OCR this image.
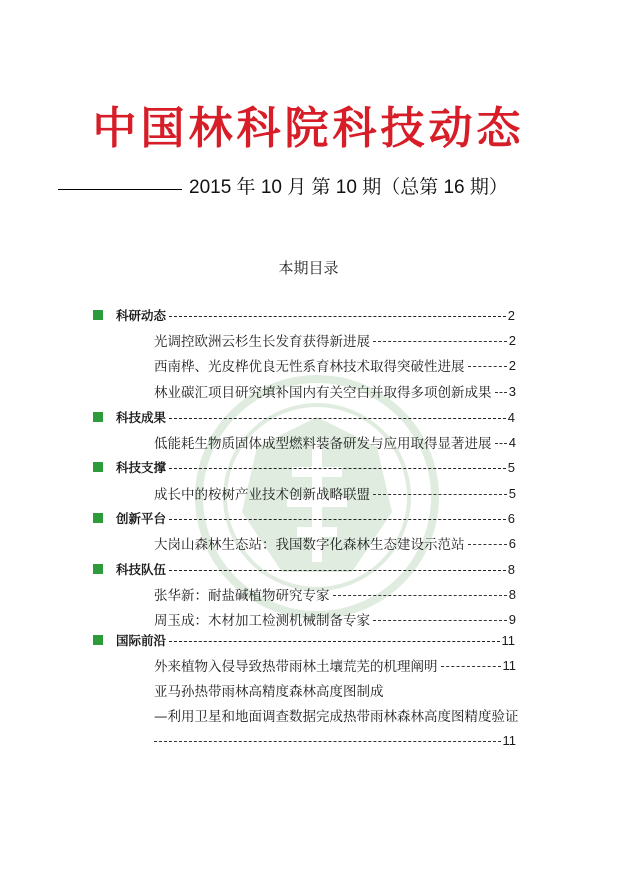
中国林科院科技动态
2015 年 10 月 第 10 期（总第 16 期）
本期目录
科研动态	2
光调控欧洲云杉生长发育获得新进展	2
西南桦、光皮桦优良无性系育林技术取得突破性进展	2
林业碳汇项目研究填补国内有关空白并取得多项创新成果 3
科技成果	4
低能耗生物质固体成型燃料装备研发与应用取得显著进展 4
科技支撑	5
成长中的桉树产业技术创新战略联盟	5
创新平台	6
大岗山森林生态站：我国数字化森林生态建设示范站	6
科技队伍	8
张华新：耐盐碱植物研究专家	8
周玉成：木材加工检测机械制备专家	9
国际前沿	11
外来植物入侵导致热带雨林土壤荒芜的机理阐明	11
亚马孙热带雨林高精度森林高度图制成
—利用卫星和地面调查数据完成热带雨林森林高度图精度验证
11
